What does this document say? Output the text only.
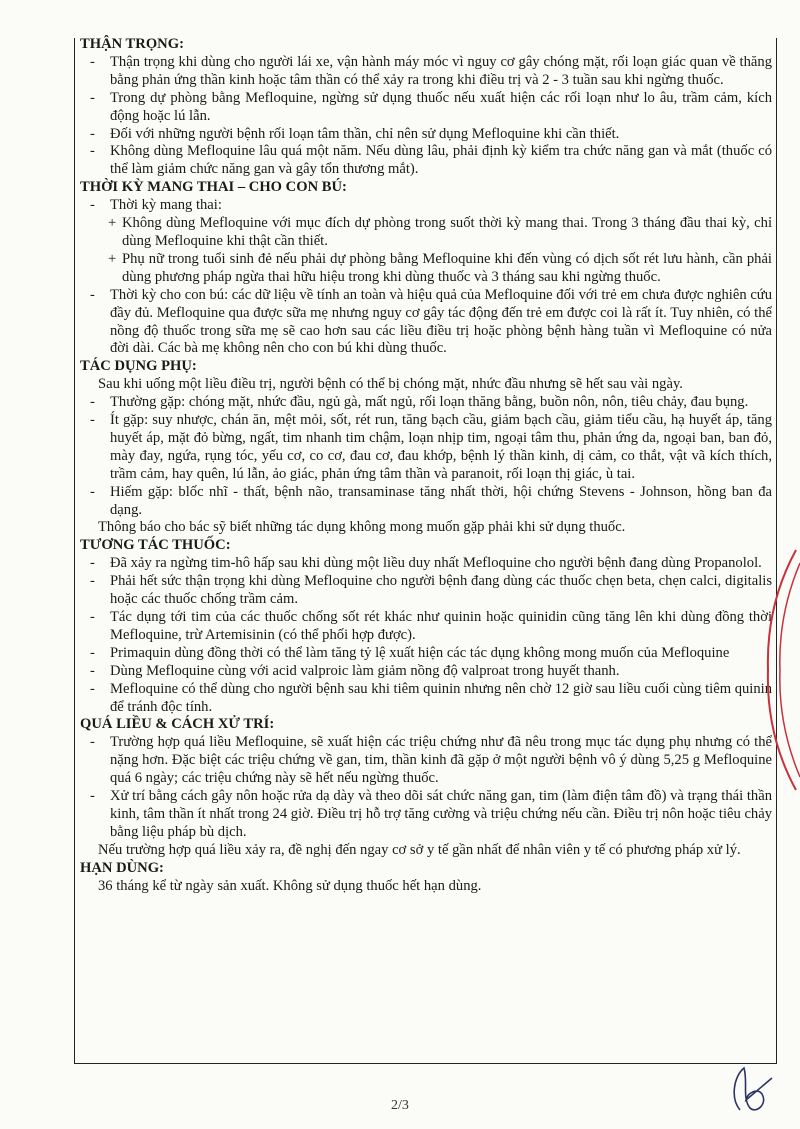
THẬN TRỌNG:

- Thận trọng khi dùng cho người lái xe, vận hành máy móc vì nguy cơ gây chóng mặt, rối loạn giác quan về thăng bằng phản ứng thần kinh hoặc tâm thần có thể xảy ra trong khi điều trị và 2 - 3 tuần sau khi ngừng thuốc.

- Trong dự phòng bằng Mefloquine, ngừng sử dụng thuốc nếu xuất hiện các rối loạn như lo âu, trầm cảm, kích động hoặc lú lẫn.

- Đối với những người bệnh rối loạn tâm thần, chỉ nên sử dụng Mefloquine khi cần thiết.

- Không dùng Mefloquine lâu quá một năm. Nếu dùng lâu, phải định kỳ kiểm tra chức năng gan và mắt (thuốc có thể làm giảm chức năng gan và gây tổn thương mắt).

THỜI KỲ MANG THAI – CHO CON BÚ:

- Thời kỳ mang thai:

+ Không dùng Mefloquine với mục đích dự phòng trong suốt thời kỳ mang thai. Trong 3 tháng đầu thai kỳ, chỉ dùng Mefloquine khi thật cần thiết.

+ Phụ nữ trong tuổi sinh đẻ nếu phải dự phòng bằng Mefloquine khi đến vùng có dịch sốt rét lưu hành, cần phải dùng phương pháp ngừa thai hữu hiệu trong khi dùng thuốc và 3 tháng sau khi ngừng thuốc.

- Thời kỳ cho con bú: các dữ liệu về tính an toàn và hiệu quả của Mefloquine đối với trẻ em chưa được nghiên cứu đầy đủ. Mefloquine qua được sữa mẹ nhưng nguy cơ gây tác động đến trẻ em được coi là rất ít. Tuy nhiên, có thể nồng độ thuốc trong sữa mẹ sẽ cao hơn sau các liều điều trị hoặc phòng bệnh hàng tuần vì Mefloquine có nửa đời dài. Các bà mẹ không nên cho con bú khi dùng thuốc.

TÁC DỤNG PHỤ:

Sau khi uống một liều điều trị, người bệnh có thể bị chóng mặt, nhức đầu nhưng sẽ hết sau vài ngày.

- Thường gặp: chóng mặt, nhức đầu, ngủ gà, mất ngủ, rối loạn thăng bằng, buồn nôn, nôn, tiêu chảy, đau bụng.

- Ít gặp: suy nhược, chán ăn, mệt mỏi, sốt, rét run, tăng bạch cầu, giảm bạch cầu, giảm tiểu cầu, hạ huyết áp, tăng huyết áp, mặt đỏ bừng, ngất, tim nhanh tim chậm, loạn nhịp tim, ngoại tâm thu, phản ứng da, ngoại ban, ban đỏ, mày đay, ngứa, rụng tóc, yếu cơ, co cơ, đau cơ, đau khớp, bệnh lý thần kinh, dị cảm, co thắt, vật vã kích thích, trầm cảm, hay quên, lú lẫn, ảo giác, phản ứng tâm thần và paranoit, rối loạn thị giác, ù tai.

- Hiếm gặp: blốc nhĩ - thất, bệnh não, transaminase tăng nhất thời, hội chứng Stevens - Johnson, hồng ban đa dạng.

Thông báo cho bác sỹ biết những tác dụng không mong muốn gặp phải khi sử dụng thuốc.

TƯƠNG TÁC THUỐC:

- Đã xảy ra ngừng tim-hô hấp sau khi dùng một liều duy nhất Mefloquine cho người bệnh đang dùng Propanolol.

- Phải hết sức thận trọng khi dùng Mefloquine cho người bệnh đang dùng các thuốc chẹn beta, chẹn calci, digitalis hoặc các thuốc chống trầm cảm.

- Tác dụng tới tim của các thuốc chống sốt rét khác như quinin hoặc quinidin cũng tăng lên khi dùng đồng thời Mefloquine, trừ Artemisinin (có thể phối hợp được).

- Primaquin dùng đồng thời có thể làm tăng tỷ lệ xuất hiện các tác dụng không mong muốn của Mefloquine

- Dùng Mefloquine cùng với acid valproic làm giảm nồng độ valproat trong huyết thanh.

- Mefloquine có thể dùng cho người bệnh sau khi tiêm quinin nhưng nên chờ 12 giờ sau liều cuối cùng tiêm quinin để tránh độc tính.

QUÁ LIỀU & CÁCH XỬ TRÍ:

- Trường hợp quá liều Mefloquine, sẽ xuất hiện các triệu chứng như đã nêu trong mục tác dụng phụ nhưng có thể nặng hơn. Đặc biệt các triệu chứng về gan, tim, thần kinh đã gặp ở một người bệnh vô ý dùng 5,25 g Mefloquine quá 6 ngày; các triệu chứng này sẽ hết nếu ngừng thuốc.

- Xử trí bằng cách gây nôn hoặc rửa dạ dày và theo dõi sát chức năng gan, tim (làm điện tâm đồ) và trạng thái thần kinh, tâm thần ít nhất trong 24 giờ. Điều trị hỗ trợ tăng cường và triệu chứng nếu cần. Điều trị nôn hoặc tiêu chảy bằng liệu pháp bù dịch.

Nếu trường hợp quá liều xảy ra, đề nghị đến ngay cơ sở y tế gần nhất để nhân viên y tế có phương pháp xử lý.

HẠN DÙNG:

36 tháng kể từ ngày sản xuất. Không sử dụng thuốc hết hạn dùng.

2/3
